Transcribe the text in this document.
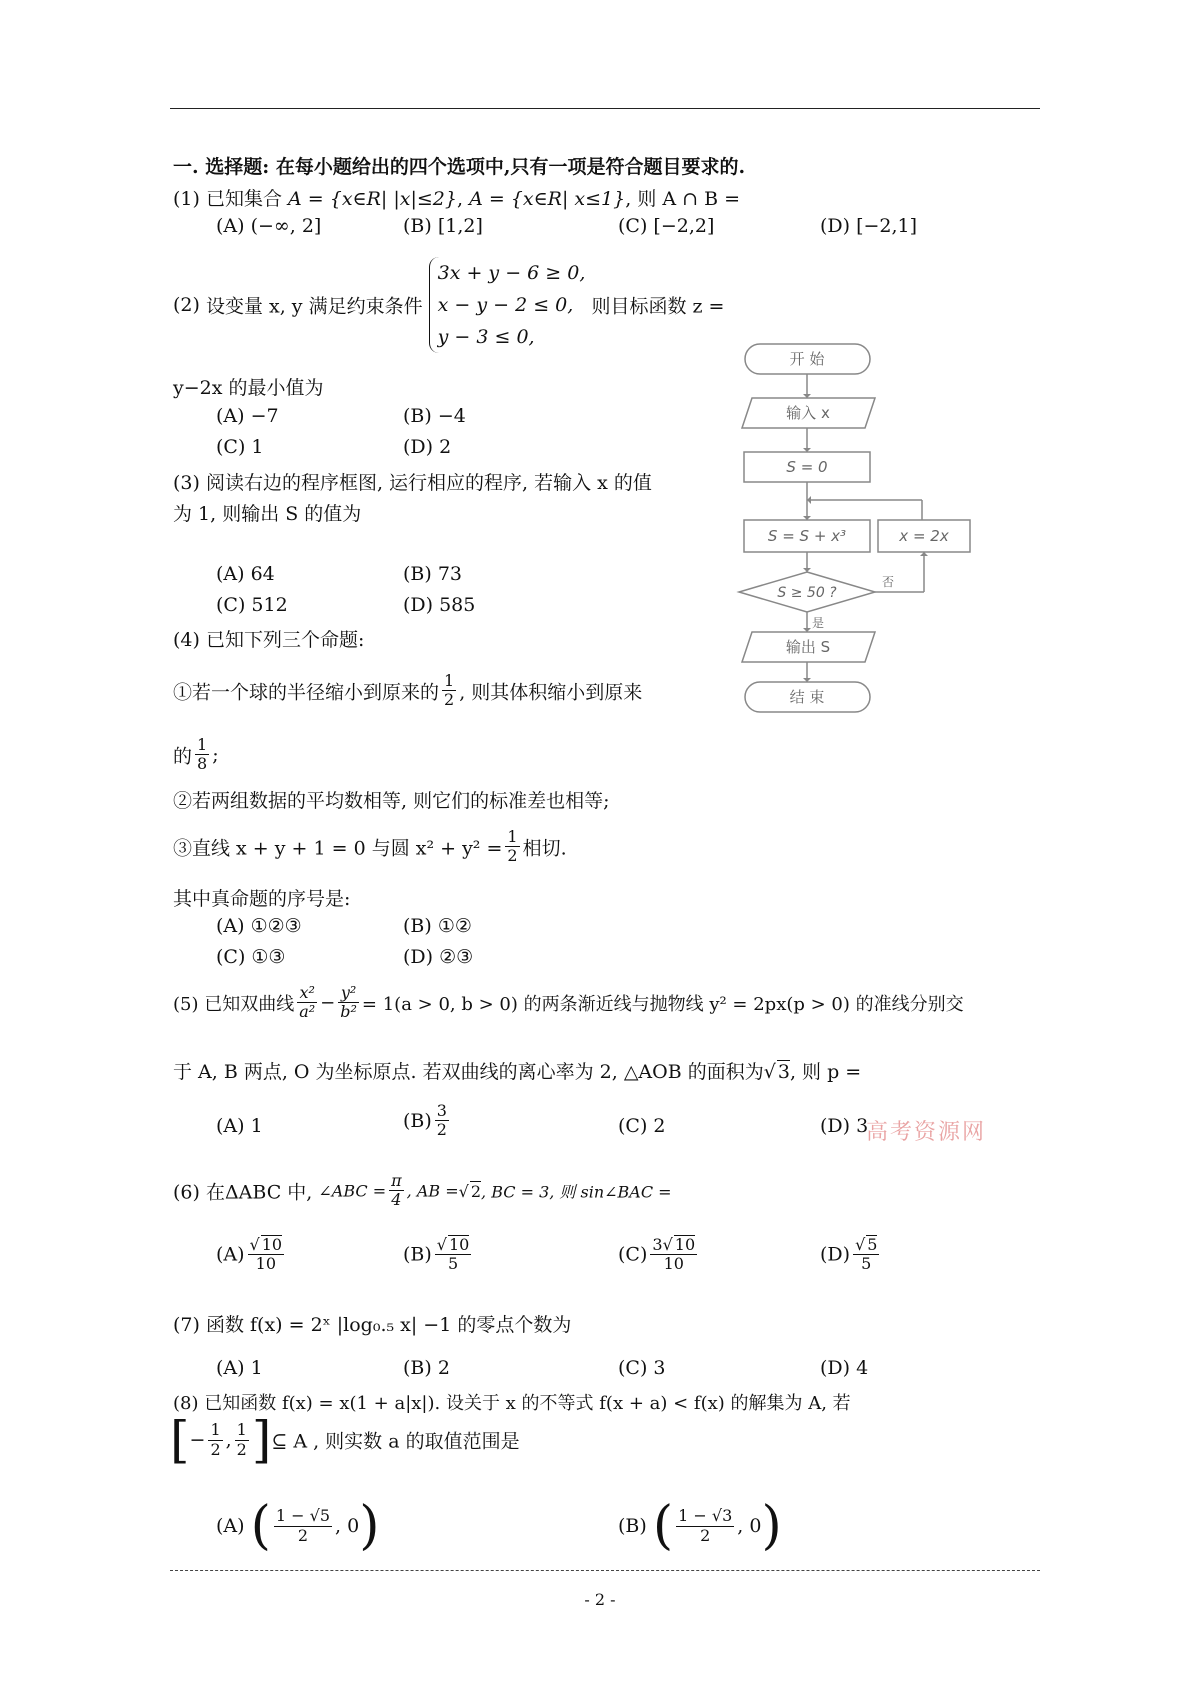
一. 选择题: 在每小题给出的四个选项中,只有一项是符合题目要求的.
(1) 已知集合 A = {x∈R| |x|≤2}, A = {x∈R| x≤1}, 则 A ∩ B =
(A) (−∞, 2]	(B) [1,2]	(C) [−2,2]	(D) [−2,1]
(2) 设变量 x, y 满足约束条件
3x + y − 6 ≥ 0,
x − y − 2 ≤ 0,
y − 3 ≤ 0,
则目标函数 z =
y−2x 的最小值为
(A) −7	(B) −4
(C) 1	(D) 2
(3) 阅读右边的程序框图, 运行相应的程序, 若输入 x 的值
为 1, 则输出 S 的值为
(A) 64	(B) 73
(C) 512	(D) 585
开 始
输入 x
S = 0
S = S + x³	x = 2x
S ≥ 50 ?
否
是
输出 S
结 束
(4) 已知下列三个命题:
①若一个球的半径缩小到原来的 $\frac{1}{2}$ , 则其体积缩小到原来
的 $\frac{1}{8}$ ;
②若两组数据的平均数相等, 则它们的标准差也相等;
③直线 x + y + 1 = 0 与圆 $x^2 + y^2 = \frac{1}{2}$ 相切.
其中真命题的序号是:
(A) ①②③	(B) ①②
(C) ①③	(D) ②③
(5) 已知双曲线 $\frac{\text{x²}}{\text{a²}} - \frac{\text{y²}}{\text{b²}} = 1(a > 0$, b > 0) 的两条渐近线与抛物线 y² = 2px(p > 0) 的准线分别交
于 A, B 两点, O 为坐标原点. 若双曲线的离心率为 2, △AOB 的面积为√ 3, 则 p =
(A) 1	$(B) \frac{3}{2}$	(C) 2	(D) 3
高考资源网
(6) 在ΔABC 中, ∠ABC = $\frac{\pi}{4}$ , AB =√ 2, BC = 3, 则 sin∠BAC =
$(A) \frac{√ 10}{10}$	$(B) \frac{√ 10}{5}$	$(C) \frac{3√ 10}{10}$	$(D) \frac{√ 5}{5}$
(7) 函数 f(x) = 2ˣ |log₀.₅ x| −1 的零点个数为
(A) 1	(B) 2	(C) 3	(D) 4
(8) 已知函数 f(x) = x(1 + a|x|). 设关于 x 的不等式 f(x + a) < f(x) 的解集为 A, 若
[− $\frac{1}{2}$ , $\frac{1}{2}$ ]⊆ A , 则实数 a 的取值范围是
(A) ( $\frac{1 - √5}{2}$ , 0)	(B) ( $\frac{1 - √3}{2}$ , 0)
- 2 -
